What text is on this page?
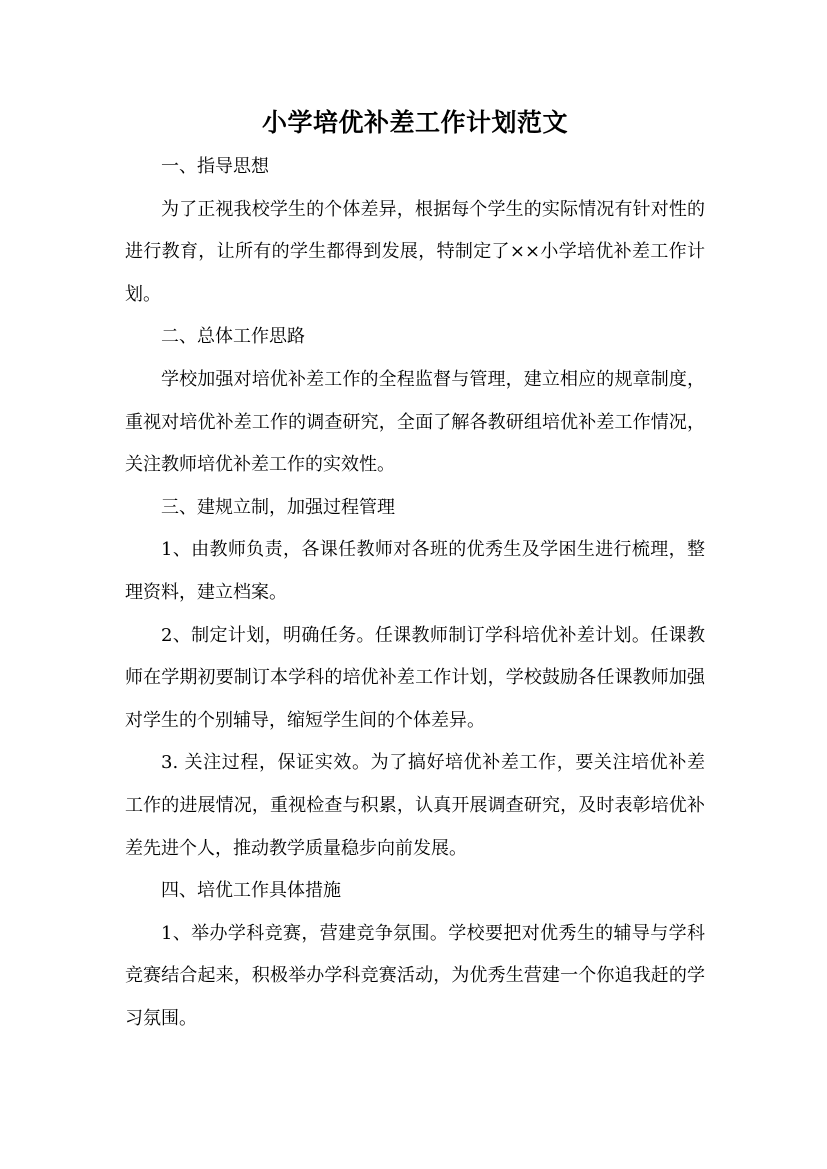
小学培优补差工作计划范文

一、指导思想

为了正视我校学生的个体差异，根据每个学生的实际情况有针对性的进行教育，让所有的学生都得到发展，特制定了××小学培优补差工作计划。

二、总体工作思路

学校加强对培优补差工作的全程监督与管理，建立相应的规章制度，重视对培优补差工作的调查研究，全面了解各教研组培优补差工作情况，关注教师培优补差工作的实效性。

三、建规立制，加强过程管理

1、由教师负责，各课任教师对各班的优秀生及学困生进行梳理，整理资料，建立档案。

2、制定计划，明确任务。任课教师制订学科培优补差计划。任课教师在学期初要制订本学科的培优补差工作计划，学校鼓励各任课教师加强对学生的个别辅导，缩短学生间的个体差异。

3. 关注过程，保证实效。为了搞好培优补差工作，要关注培优补差工作的进展情况，重视检查与积累，认真开展调查研究，及时表彰培优补差先进个人，推动教学质量稳步向前发展。

四、培优工作具体措施

1、举办学科竞赛，营建竞争氛围。学校要把对优秀生的辅导与学科竞赛结合起来，积极举办学科竞赛活动，为优秀生营建一个你追我赶的学习氛围。
